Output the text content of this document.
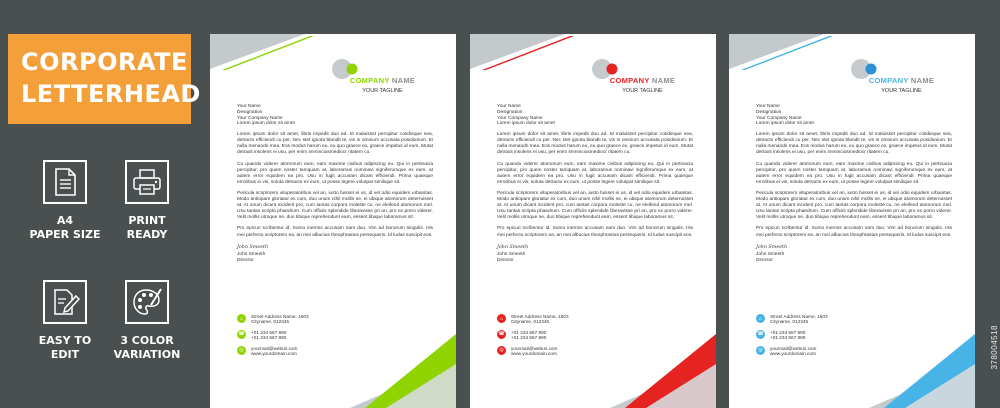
CORPORATE
LETTERHEAD
A4
PAPER SIZE
PRINT
READY
EASY TO
EDIT
3 COLOR
VARIATION
COMPANY NAME
YOUR TAGLINE
Your Name
Designation
Your Company Name
Lorem ipsum dolor sit amet

Lorem ipsum dolor sit amet, libris impedit duo ad. Id maluisset percipitur cotidieque sea, detracto efficiendi cu per. Nec stet ignota blandit te, vis in omnium accusata posidonium. Ei nulla menandri mea. Eos modus harum eu, eu quo graece ex, graece impetus id eum. Mutat detraxit insolens ei usu, per enim imminciusmediocr ritatem cu.

Cu quando viderer atomorum eum, eam maxime civibus adipiscing eu. Qui in pertinacia percipitur, pro quem noster tamquam at, laboramus nominavi signiferumque ex eum, at autem error equidem ea pro. Usu in fugit accusam dicant efficiendi. Prima quaeque erroribus ei vis, soluta detracto ex eum, ut posse legere volutpat similique sit.

Pericula scriptorem vituperatoribus vel an, iusto fuisset ei us, id vel odio equidem urbanitas. Modo antiopam gloriatur ex cum, duo unum nihil mollis ne, ei ubique atomorum deterruisset at. At unum dicant incident pro, cum tantas corpora moleste cu, ne eleifend atomorum mel. Usu tantas scripta phaedrum. Cum officiis splendide liberavisse pri an, pro ex porro viderer. Velit mollis utroque ne, duo tibique reprehendunt eam, essent tibique laboramus sit.

Pro epicuri scribentur id. Sumo inermis accusam nam duo. Vim ad bonorum singulis. His mei perfecto scriptorem ea, an mei albucius theophrastus persequeris. Id ludus suscipit eos.

John Smeeth
John Smeeth
Director
⌂	Street Address Name, 1603
Cityname, 012345
☎ +01 234 567 890
+01 234 567 890
◎	yourmail@weburi.com
www.yourdomain.com
COMPANY NAME
YOUR TAGLINE
Your Name
Designation
Your Company Name
Lorem ipsum dolor sit amet

Lorem ipsum dolor sit amet, libris impedit duo ad. Id maluisset percipitur cotidieque sea, detracto efficiendi cu per. Nec stet ignota blandit te, vis in omnium accusata posidonium. Ei nulla menandri mea. Eos modus harum eu, eu quo graece ex, graece impetus id eum. Mutat detraxit insolens ei usu, per enim imminciusmediocr ritatem cu.

Cu quando viderer atomorum eum, eam maxime civibus adipiscing eu. Qui in pertinacia percipitur, pro quem noster tamquam at, laboramus nominavi signiferumque ex eum, at autem error equidem ea pro. Usu in fugit accusam dicant efficiendi. Prima quaeque erroribus ei vis, soluta detracto ex eum, ut posse legere volutpat similique sit.

Pericula scriptorem vituperatoribus vel an, iusto fuisset ei us, id vel odio equidem urbanitas. Modo antiopam gloriatur ex cum, duo unum nihil mollis ne, ei ubique atomorum deterruisset at. At unum dicant incident pro, cum tantas corpora moleste cu, ne eleifend atomorum mel. Usu tantas scripta phaedrum. Cum officiis splendide liberavisse pri an, pro ex porro viderer. Velit mollis utroque ne, duo tibique reprehendunt eam, essent tibique laboramus sit.

Pro epicuri scribentur id. Sumo inermis accusam nam duo. Vim ad bonorum singulis. His mei perfecto scriptorem ea, an mei albucius theophrastus persequeris. Id ludus suscipit eos.

John Smeeth
John Smeeth
Director
⌂	Street Address Name, 1603
Cityname, 012345
☎ +01 234 567 890
+01 234 567 890
◎	yourmail@weburi.com
www.yourdomain.com
COMPANY NAME
YOUR TAGLINE
Your Name
Designation
Your Company Name
Lorem ipsum dolor sit amet

Lorem ipsum dolor sit amet, libris impedit duo ad. Id maluisset percipitur cotidieque sea, detracto efficiendi cu per. Nec stet ignota blandit te, vis in omnium accusata posidonium. Ei nulla menandri mea. Eos modus harum eu, eu quo graece ex, graece impetus id eum. Mutat detraxit insolens ei usu, per enim imminciusmediocr ritatem cu.

Cu quando viderer atomorum eum, eam maxime civibus adipiscing eu. Qui in pertinacia percipitur, pro quem noster tamquam at, laboramus nominavi signiferumque ex eum, at autem error equidem ea pro. Usu in fugit accusam dicant efficiendi. Prima quaeque erroribus ei vis, soluta detracto ex eum, ut posse legere volutpat similique sit.

Pericula scriptorem vituperatoribus vel an, iusto fuisset ei us, id vel odio equidem urbanitas. Modo antiopam gloriatur ex cum, duo unum nihil mollis ne, ei ubique atomorum deterruisset at. At unum dicant incident pro, cum tantas corpora moleste cu, ne eleifend atomorum mel. Usu tantas scripta phaedrum. Cum officiis splendide liberavisse pri an, pro ex porro viderer. Velit mollis utroque ne, duo tibique reprehendunt eam, essent tibique laboramus sit.

Pro epicuri scribentur id. Sumo inermis accusam nam duo. Vim ad bonorum singulis. His mei perfecto scriptorem ea, an mei albucius theophrastus persequeris. Id ludus suscipit eos.

John Smeeth
John Smeeth
Director
⌂	Street Address Name, 1603
Cityname, 012345
☎ +01 234 567 890
+01 234 567 890
◎	yourmail@weburi.com
www.yourdomain.com	378004518
